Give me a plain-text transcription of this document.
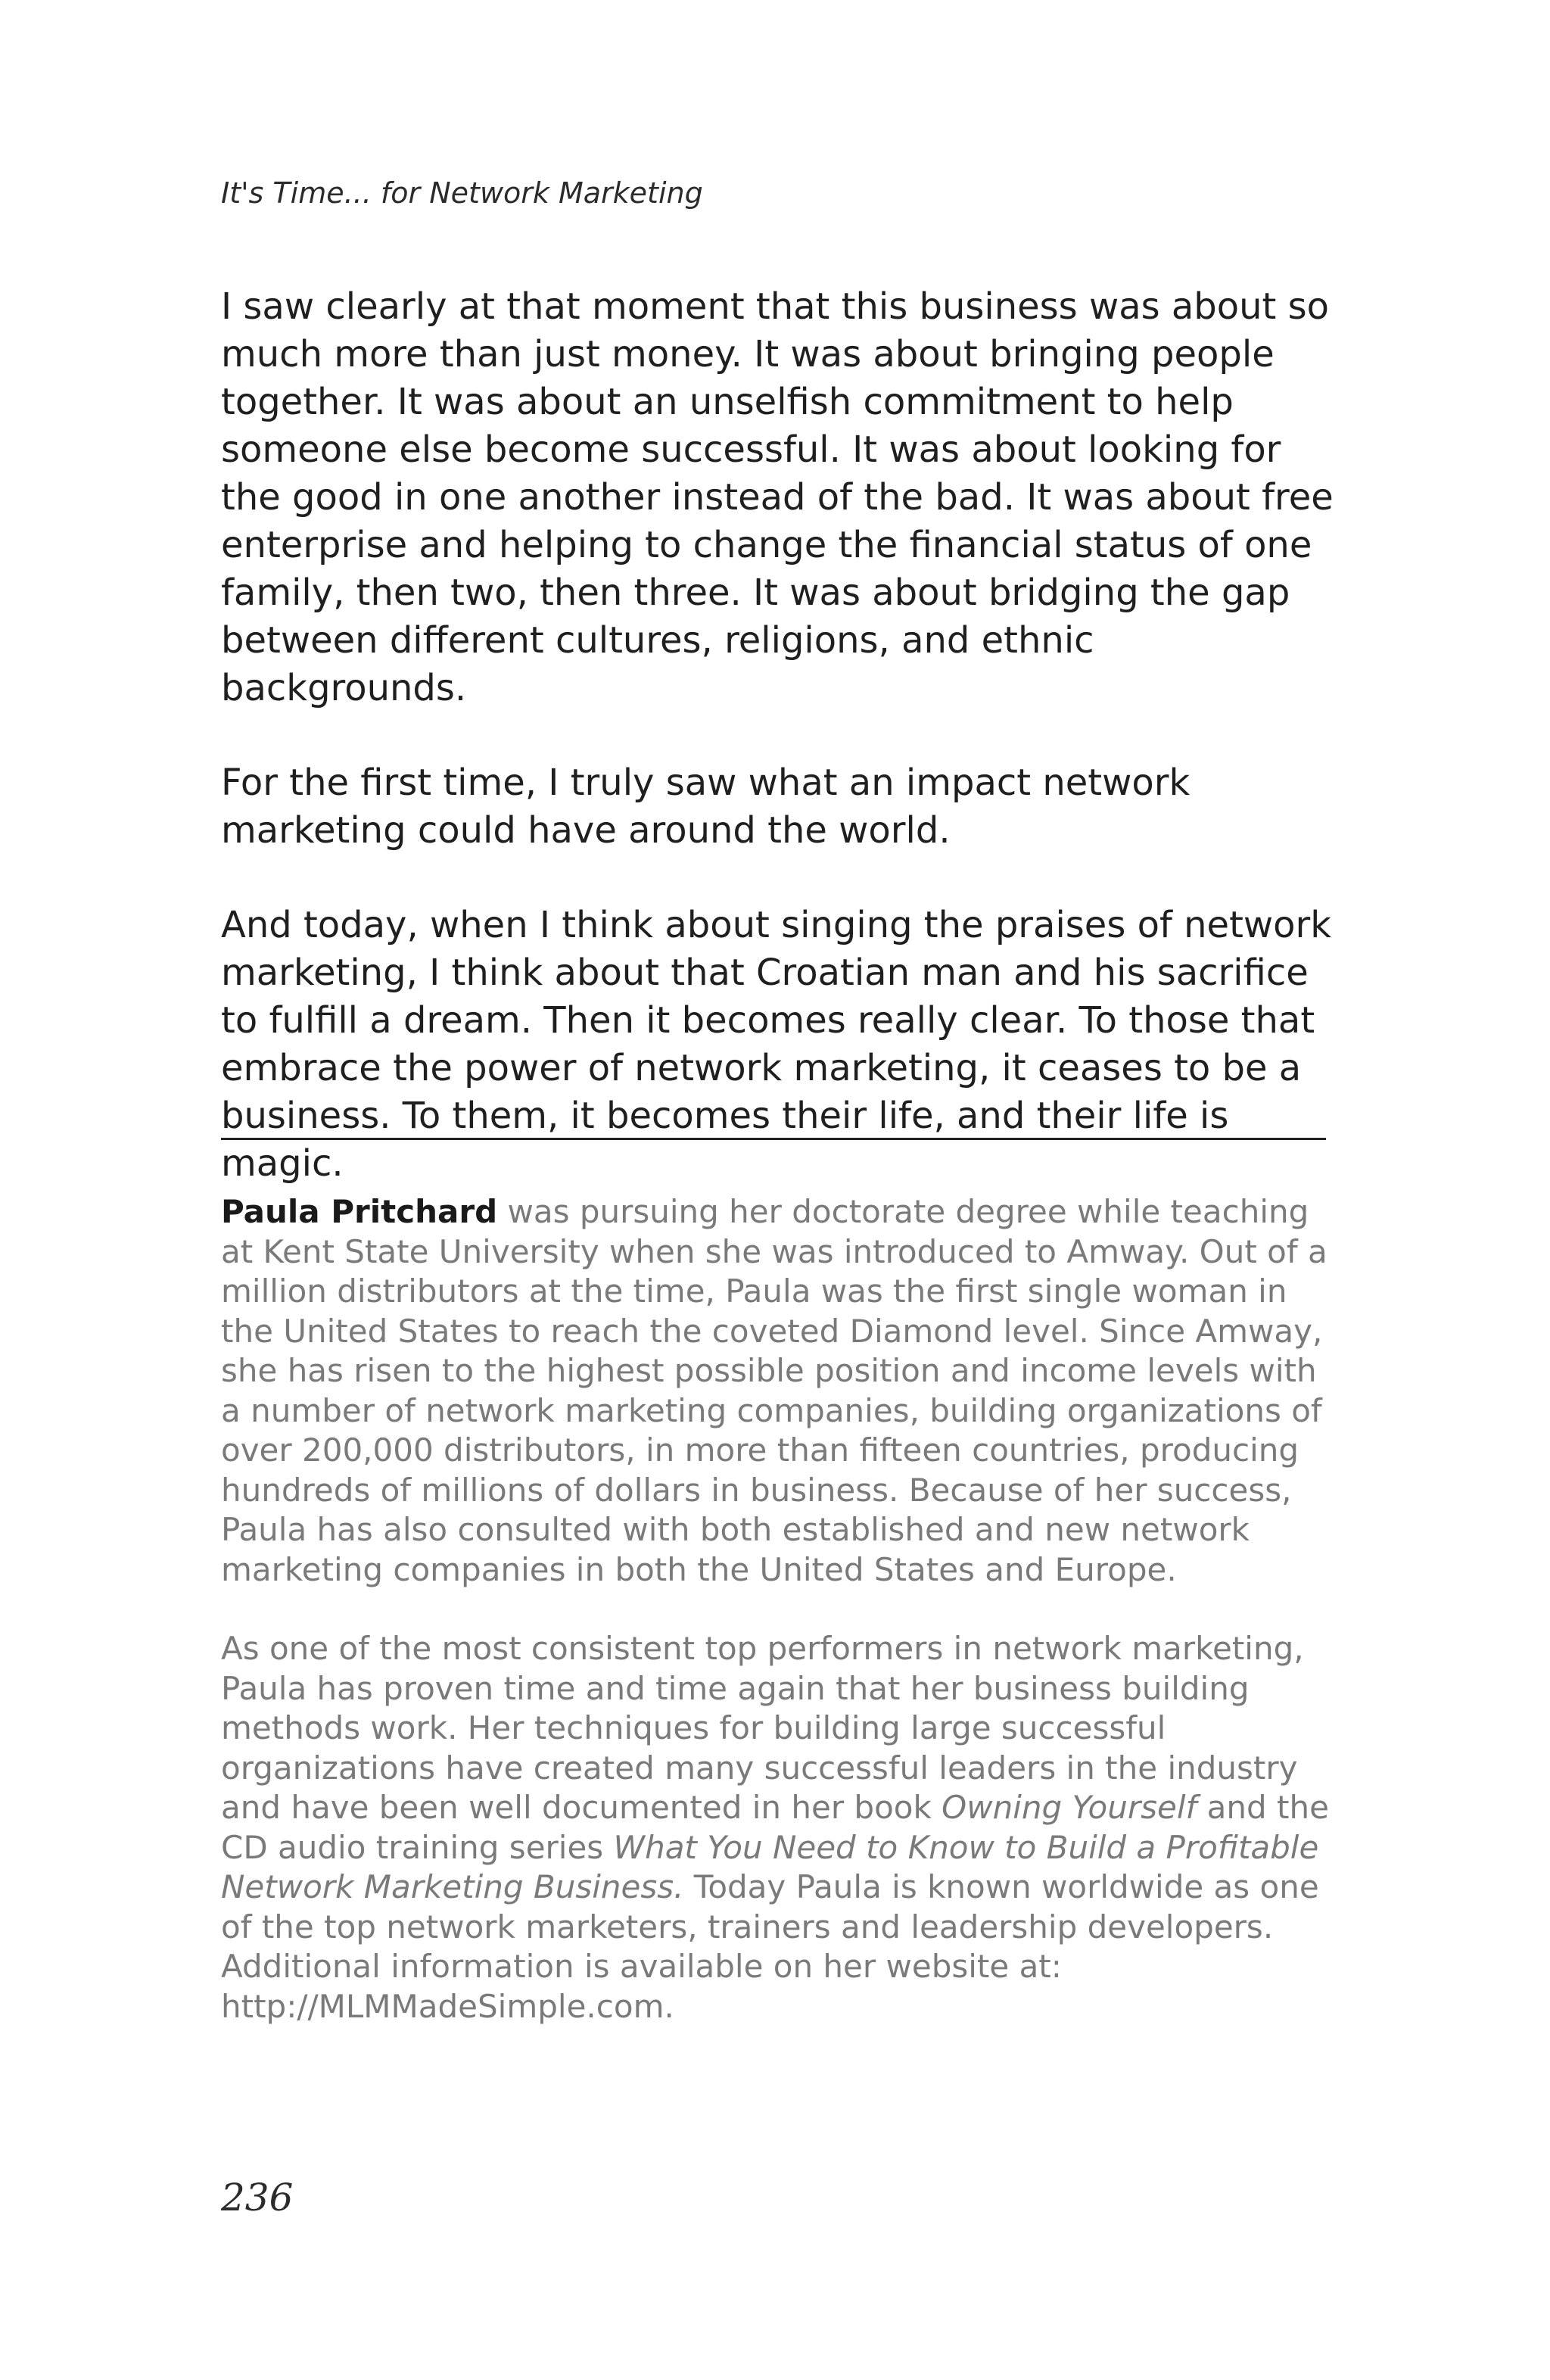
It's Time... for Network Marketing

I saw clearly at that moment that this business was about so much more than just money. It was about bringing people together. It was about an unselfish commitment to help someone else become successful. It was about looking for the good in one another instead of the bad. It was about free enterprise and helping to change the financial status of one family, then two, then three. It was about bridging the gap between different cultures, religions, and ethnic backgrounds.

For the first time, I truly saw what an impact network marketing could have around the world.

And today, when I think about singing the praises of network marketing, I think about that Croatian man and his sacrifice to fulfill a dream. Then it becomes really clear. To those that embrace the power of network marketing, it ceases to be a business. To them, it becomes their life, and their life is magic.

Paula Pritchard was pursuing her doctorate degree while teaching at Kent State University when she was introduced to Amway. Out of a million distributors at the time, Paula was the first single woman in the United States to reach the coveted Diamond level. Since Amway, she has risen to the highest possible position and income levels with a number of network marketing companies, building organizations of over 200,000 distributors, in more than fifteen countries, producing hundreds of millions of dollars in business. Because of her success, Paula has also consulted with both established and new network marketing companies in both the United States and Europe.

As one of the most consistent top performers in network marketing, Paula has proven time and time again that her business building methods work. Her techniques for building large successful organizations have created many successful leaders in the industry and have been well documented in her book Owning Yourself and the CD audio training series What You Need to Know to Build a Profitable Network Marketing Business. Today Paula is known worldwide as one of the top network marketers, trainers and leadership developers. Additional information is available on her website at: http://MLMMadeSimple.com.

236
